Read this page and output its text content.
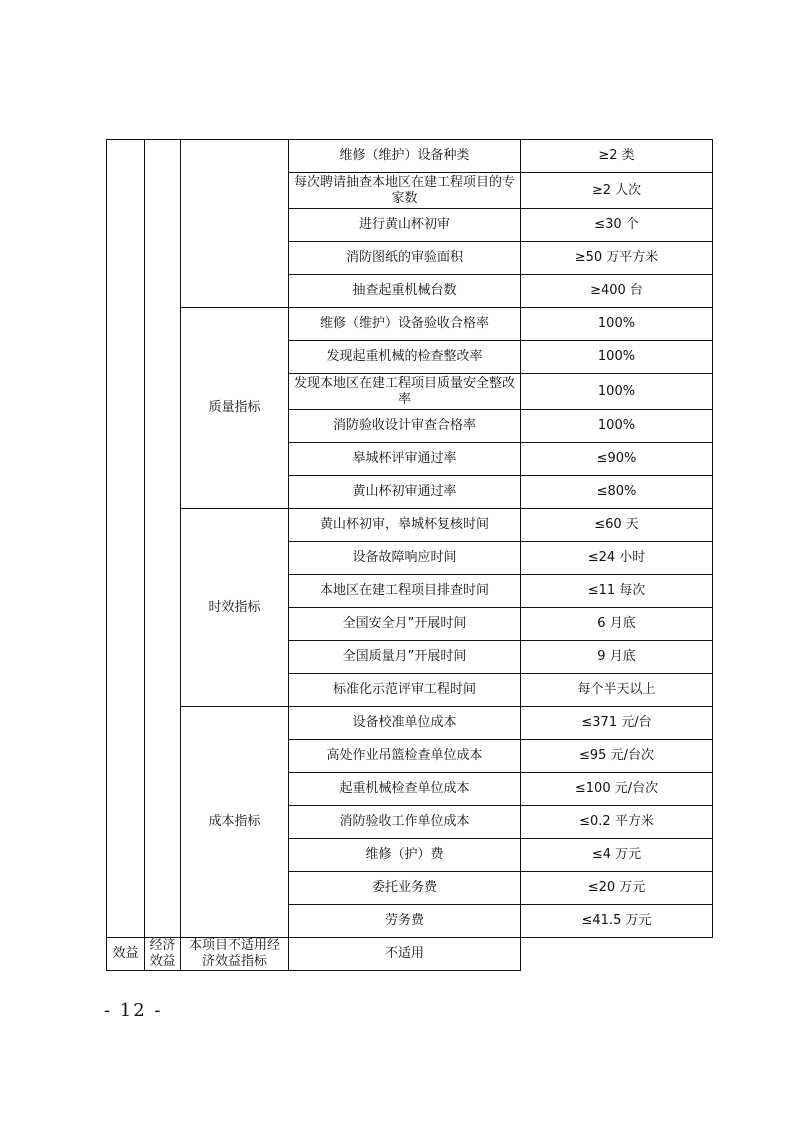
			维修（维护）设备种类	≥2 类
			每次聘请抽查本地区在建工程项目的专家数	≥2 人次
			进行黄山杯初审	≤30 个
			消防图纸的审验面积	≥50 万平方米
			抽查起重机械台数	≥400 台
		质量指标	维修（维护）设备验收合格率	100%
			发现起重机械的检查整改率	100%
			发现本地区在建工程项目质量安全整改率	100%
			消防验收设计审查合格率	100%
			皋城杯评审通过率	≤90%
			黄山杯初审通过率	≤80%
		时效指标	黄山杯初审，皋城杯复核时间	≤60 天
			设备故障响应时间	≤24 小时
			本地区在建工程项目排查时间	≤11 每次
			全国安全月”开展时间	6 月底
			全国质量月”开展时间	9 月底
			标准化示范评审工程时间	每个半天以上
		成本指标	设备校准单位成本	≤371 元/台
			高处作业吊篮检查单位成本	≤95 元/台次
			起重机械检查单位成本	≤100 元/台次
			消防验收工作单位成本	≤0.2 平方米
			维修（护）费	≤4 万元
			委托业务费	≤20 万元
			劳务费	≤41.5 万元
效益	经济效益	本项目不适用经济效益指标	不适用	
- 12 -
